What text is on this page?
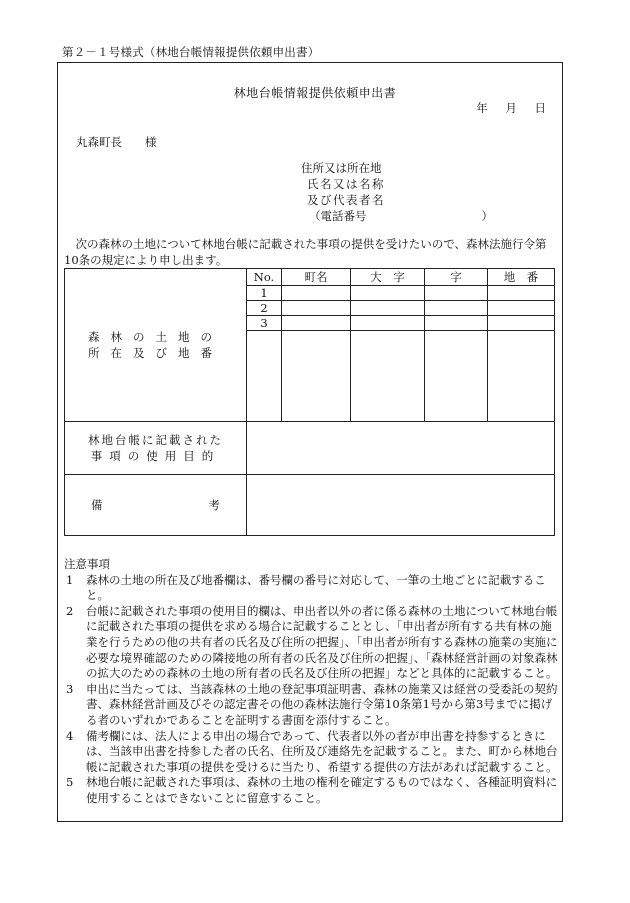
第２－１号様式（林地台帳情報提供依頼申出書）
林地台帳情報提供依頼申出書
年 月 日
丸森町長　　様
住所又は所在地
氏名又は名称
及び代表者名
（電話番号　　　　　　　　　　）
　次の森林の土地について林地台帳に記載された事項の提供を受けたいので、森林法施行令第10条の規定により申し出ます。
森林の土地の
所在及び地番	No.	町名	大　字	字	地　番
	1				
	2				
	3				

林地台帳に記載された
事項の使用目的					

備 考					

注意事項
1	森林の土地の所在及び地番欄は、番号欄の番号に対応して、一筆の土地ごとに記載すること。
2	台帳に記載された事項の使用目的欄は、申出者以外の者に係る森林の土地について林地台帳に記載された事項の提供を求める場合に記載することとし、「申出者が所有する共有林の施業を行うための他の共有者の氏名及び住所の把握」、「申出者が所有する森林の施業の実施に必要な境界確認のための隣接地の所有者の氏名及び住所の把握」、「森林経営計画の対象森林の拡大のための森林の土地の所有者の氏名及び住所の把握」などと具体的に記載すること。
3	申出に当たっては、当該森林の土地の登記事項証明書、森林の施業又は経営の受委託の契約書、森林経営計画及びその認定書その他の森林法施行令第10条第1号から第3号までに掲げる者のいずれかであることを証明する書面を添付すること。
4	備考欄には、法人による申出の場合であって、代表者以外の者が申出書を持参するときには、当該申出書を持参した者の氏名、住所及び連絡先を記載すること。また、町から林地台帳に記載された事項の提供を受けるに当たり、希望する提供の方法があれば記載すること。
5	林地台帳に記載された事項は、森林の土地の権利を確定するものではなく、各種証明資料に使用することはできないことに留意すること。
